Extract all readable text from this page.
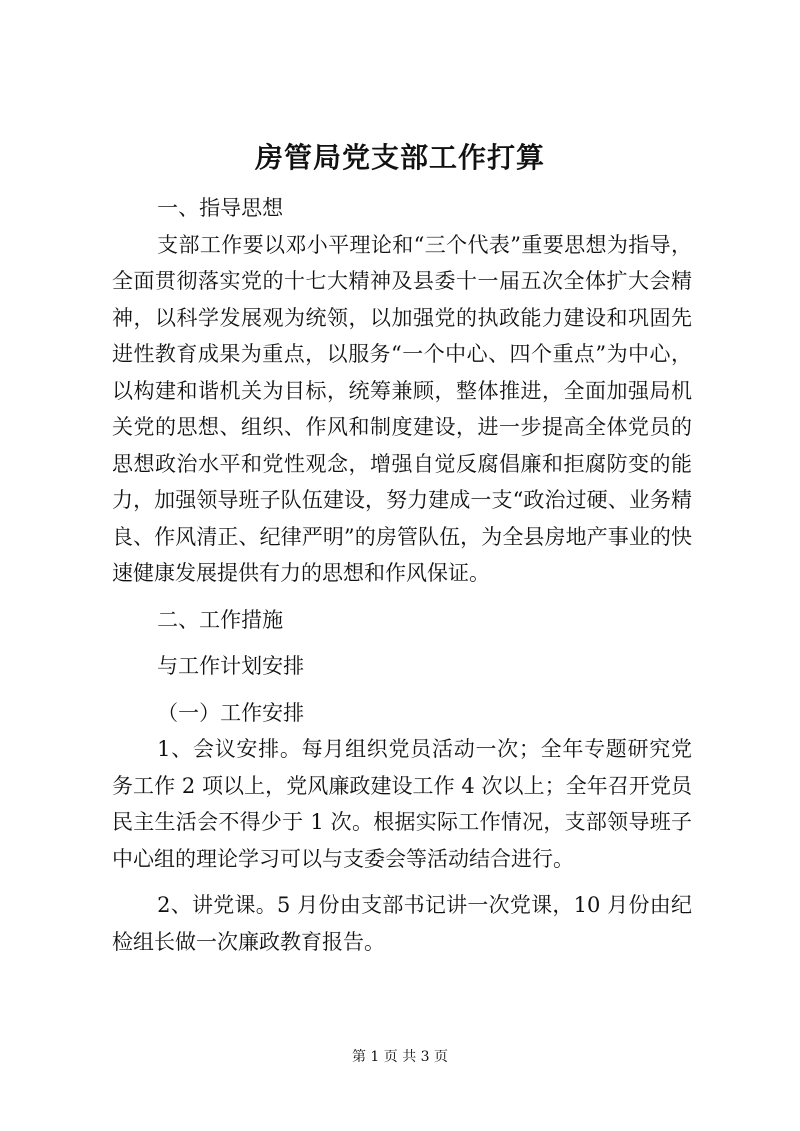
房管局党支部工作打算

一、指导思想

支部工作要以邓小平理论和“三个代表”重要思想为指导，全面贯彻落实党的十七大精神及县委十一届五次全体扩大会精神，以科学发展观为统领，以加强党的执政能力建设和巩固先进性教育成果为重点，以服务“一个中心、四个重点”为中心，以构建和谐机关为目标，统筹兼顾，整体推进，全面加强局机关党的思想、组织、作风和制度建设，进一步提高全体党员的思想政治水平和党性观念，增强自觉反腐倡廉和拒腐防变的能力，加强领导班子队伍建设，努力建成一支“政治过硬、业务精良、作风清正、纪律严明”的房管队伍，为全县房地产事业的快速健康发展提供有力的思想和作风保证。

二、工作措施

与工作计划安排

（一）工作安排

1、会议安排。每月组织党员活动一次；全年专题研究党务工作 2 项以上，党风廉政建设工作 4 次以上；全年召开党员民主生活会不得少于 1 次。根据实际工作情况，支部领导班子中心组的理论学习可以与支委会等活动结合进行。

2、讲党课。5 月份由支部书记讲一次党课，10 月份由纪检组长做一次廉政教育报告。

第 1 页 共 3 页
